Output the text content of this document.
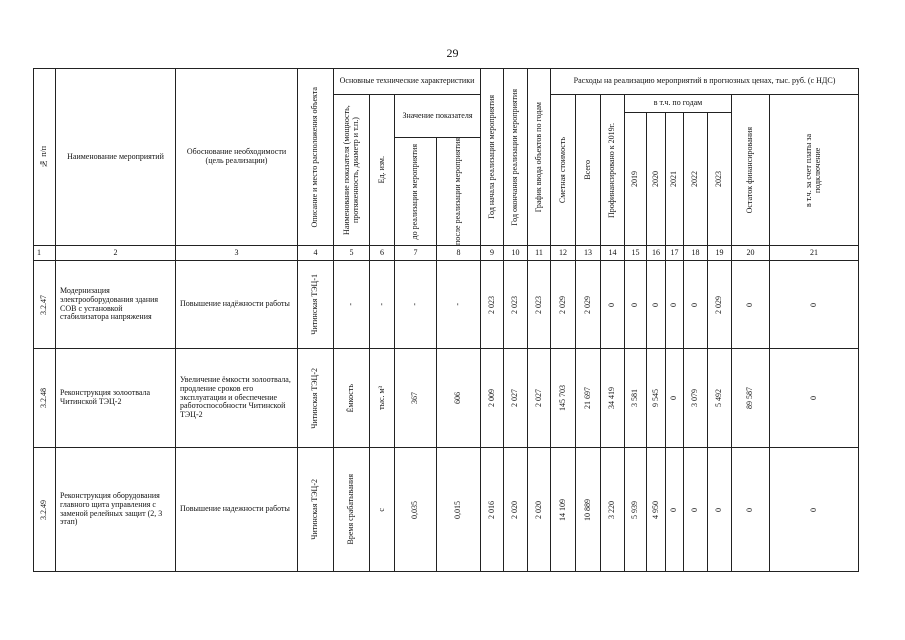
29
№ п/п	Наименование мероприятий	Обоснование необходимости (цель реализации)	Описание и место расположения объекта	Основные технические характеристики				Год начала реализации мероприятия	Год окончания реализации мероприятия	График ввода объектов по годам	Расходы на реализацию мероприятий в прогнозных ценах, тыс. руб. (с НДС)									

				Наименование показателя (мощность, протяженность, диаметр и т.п.)	Ед. изм.	Значение показателя					Сметная стоимость	Всего	Профинансировано к 2019г.	в т.ч. по годам					Остаток финансирования	в т.ч. за счет платы за подключение

														2019	2020	2021	2022	2023		

						до реализации мероприятия	после реализации мероприятия													

1	2	3	4	5	6	7	8	9	10	11	12	13	14	15	16	17	18	19	20	21

3.2.47	Модернизация электрооборудования здания СОВ с установкой стабилизатора напряжения	Повышение надёжности работы	Читинская ТЭЦ-1	-	-	-	-	2 023	2 023	2 023	2 029	2 029	0	0	0	0	0	2 029	0	0

3.2.48	Реконструкция золоотвала Читинской ТЭЦ-2	Увеличение ёмкости золоотвала, продление сроков его эксплуатации и обеспечение работоспособности Читинской ТЭЦ-2	Читинская ТЭЦ-2	Ёмкость	тыс. м³	367	606	2 009	2 027	2 027	145 703	21 697	34 419	3 581	9 545	0	3 079	5 492	89 587	0

3.2.49	Реконструкция оборудования главного щита управления с заменой релейных защит (2, 3 этап)	Повышение надежности работы	Читинская ТЭЦ-2	Время срабатывания	с	0,035	0,015	2 016	2 020	2 020	14 109	10 889	3 220	5 939	4 950	0	0	0	0	0
